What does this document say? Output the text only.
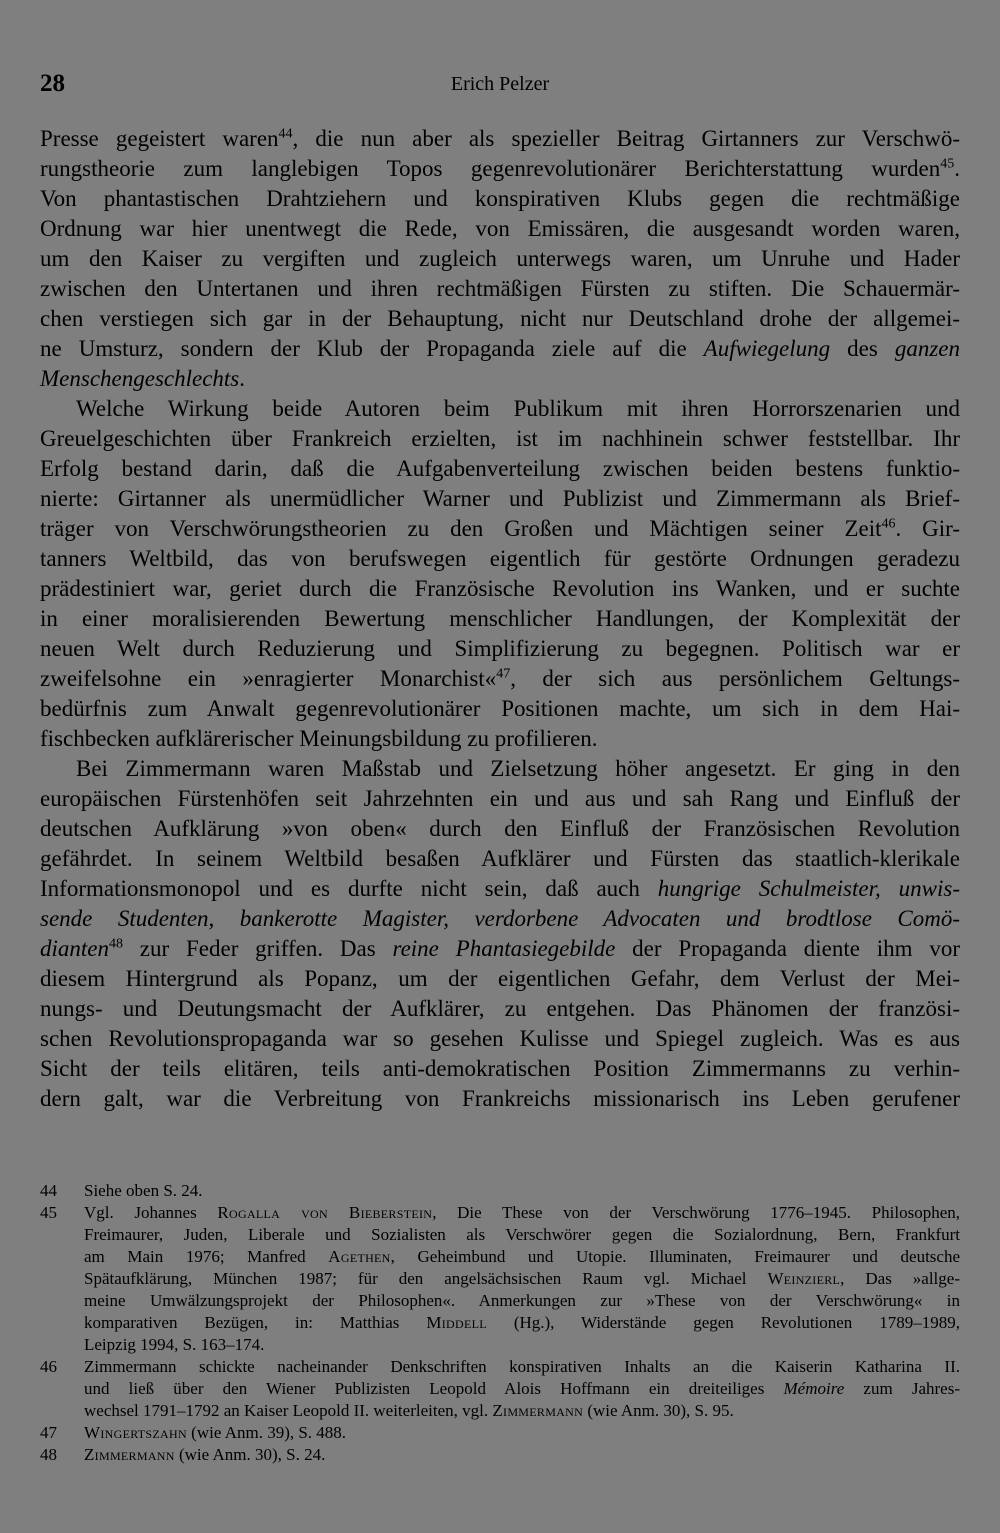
28	Erich Pelzer
Presse gegeistert waren$^{44}$, die nun aber als spezieller Beitrag Girtanners zur Verschwö-
rungstheorie zum langlebigen Topos gegenrevolutionärer Berichterstattung wurden$^{45}$.
Von phantastischen Drahtziehern und konspirativen Klubs gegen die rechtmäßige
Ordnung war hier unentwegt die Rede, von Emissären, die ausgesandt worden waren,
um den Kaiser zu vergiften und zugleich unterwegs waren, um Unruhe und Hader
zwischen den Untertanen und ihren rechtmäßigen Fürsten zu stiften. Die Schauermär-
chen verstiegen sich gar in der Behauptung, nicht nur Deutschland drohe der allgemei-
ne Umsturz, sondern der Klub der Propaganda ziele auf die Aufwiegelung des ganzen
Menschengeschlechts.
Welche Wirkung beide Autoren beim Publikum mit ihren Horrorszenarien und
Greuelgeschichten über Frankreich erzielten, ist im nachhinein schwer feststellbar. Ihr
Erfolg bestand darin, daß die Aufgabenverteilung zwischen beiden bestens funktio-
nierte: Girtanner als unermüdlicher Warner und Publizist und Zimmermann als Brief-
träger von Verschwörungstheorien zu den Großen und Mächtigen seiner Zeit$^{46}$. Gir-
tanners Weltbild, das von berufswegen eigentlich für gestörte Ordnungen geradezu
prädestiniert war, geriet durch die Französische Revolution ins Wanken, und er suchte
in einer moralisierenden Bewertung menschlicher Handlungen, der Komplexität der
neuen Welt durch Reduzierung und Simplifizierung zu begegnen. Politisch war er
zweifelsohne ein »enragierter Monarchist«$^{47}$, der sich aus persönlichem Geltungs-
bedürfnis zum Anwalt gegenrevolutionärer Positionen machte, um sich in dem Hai-
fischbecken aufklärerischer Meinungsbildung zu profilieren.
Bei Zimmermann waren Maßstab und Zielsetzung höher angesetzt. Er ging in den
europäischen Fürstenhöfen seit Jahrzehnten ein und aus und sah Rang und Einfluß der
deutschen Aufklärung »von oben« durch den Einfluß der Französischen Revolution
gefährdet. In seinem Weltbild besaßen Aufklärer und Fürsten das staatlich-klerikale
Informationsmonopol und es durfte nicht sein, daß auch hungrige Schulmeister, unwis-
sende Studenten, bankerotte Magister, verdorbene Advocaten und brodtlose Comö-
dianten$^{48}$ zur Feder griffen. Das reine Phantasiegebilde der Propaganda diente ihm vor
diesem Hintergrund als Popanz, um der eigentlichen Gefahr, dem Verlust der Mei-
nungs- und Deutungsmacht der Aufklärer, zu entgehen. Das Phänomen der französi-
schen Revolutionspropaganda war so gesehen Kulisse und Spiegel zugleich. Was es aus
Sicht der teils elitären, teils anti-demokratischen Position Zimmermanns zu verhin-
dern galt, war die Verbreitung von Frankreichs missionarisch ins Leben gerufener
44 Siehe oben S. 24.
45 Vgl. Johannes Rogalla von Bieberstein, Die These von der Verschwörung 1776–1945. Philosophen,
Freimaurer, Juden, Liberale und Sozialisten als Verschwörer gegen die Sozialordnung, Bern, Frankfurt
am Main 1976; Manfred Agethen, Geheimbund und Utopie. Illuminaten, Freimaurer und deutsche
Spätaufklärung, München 1987; für den angelsächsischen Raum vgl. Michael Weinzierl, Das »allge-
meine Umwälzungsprojekt der Philosophen«. Anmerkungen zur »These von der Verschwörung« in
komparativen Bezügen, in: Matthias Middell (Hg.), Widerstände gegen Revolutionen 1789–1989,
Leipzig 1994, S. 163–174.
46 Zimmermann schickte nacheinander Denkschriften konspirativen Inhalts an die Kaiserin Katharina II.
und ließ über den Wiener Publizisten Leopold Alois Hoffmann ein dreiteiliges Mémoire zum Jahres-
wechsel 1791–1792 an Kaiser Leopold II. weiterleiten, vgl. Zimmermann (wie Anm. 30), S. 95.
47 Wingertszahn (wie Anm. 39), S. 488.
48 Zimmermann (wie Anm. 30), S. 24.
